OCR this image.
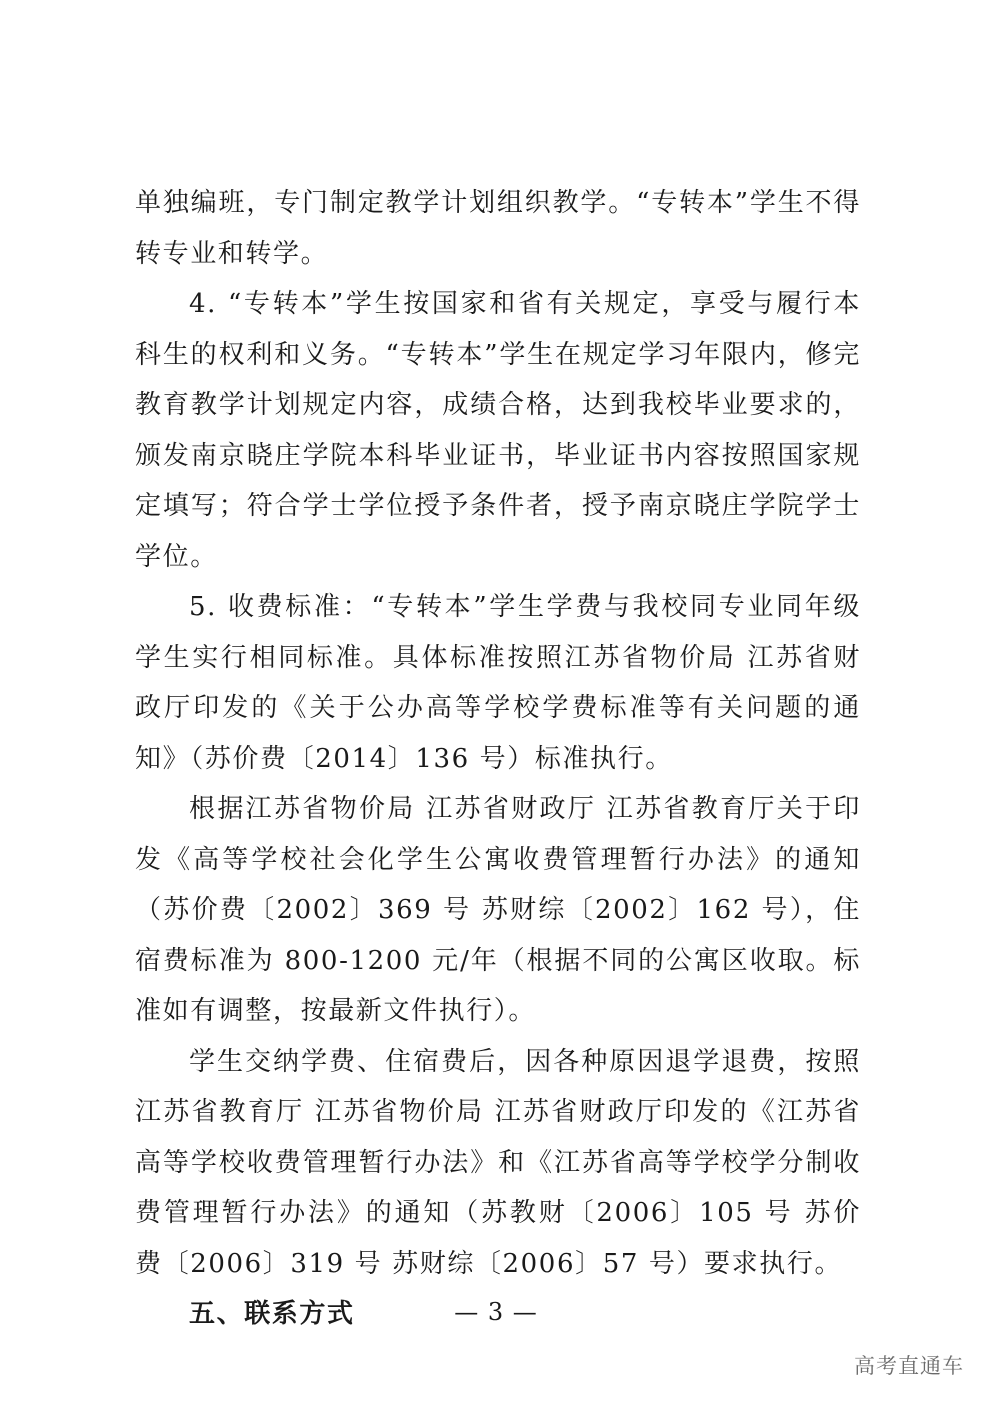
单独编班，专门制定教学计划组织教学。“专转本”学生不得转专业和转学。

4. “专转本”学生按国家和省有关规定，享受与履行本科生的权利和义务。“专转本”学生在规定学习年限内，修完教育教学计划规定内容，成绩合格，达到我校毕业要求的，颁发南京晓庄学院本科毕业证书，毕业证书内容按照国家规定填写；符合学士学位授予条件者，授予南京晓庄学院学士学位。

5. 收费标准：“专转本”学生学费与我校同专业同年级学生实行相同标准。具体标准按照江苏省物价局 江苏省财政厅印发的《关于公办高等学校学费标准等有关问题的通知》（苏价费〔2014〕136 号）标准执行。

根据江苏省物价局 江苏省财政厅 江苏省教育厅关于印发《高等学校社会化学生公寓收费管理暂行办法》的通知（苏价费〔2002〕369 号 苏财综〔2002〕162 号），住宿费标准为 800-1200 元/年（根据不同的公寓区收取。标准如有调整，按最新文件执行）。

学生交纳学费、住宿费后，因各种原因退学退费，按照江苏省教育厅 江苏省物价局 江苏省财政厅印发的《江苏省高等学校收费管理暂行办法》和《江苏省高等学校学分制收费管理暂行办法》的通知（苏教财〔2006〕105 号 苏价费〔2006〕319 号 苏财综〔2006〕57 号）要求执行。

五、联系方式	— 3 —
高考直通车
